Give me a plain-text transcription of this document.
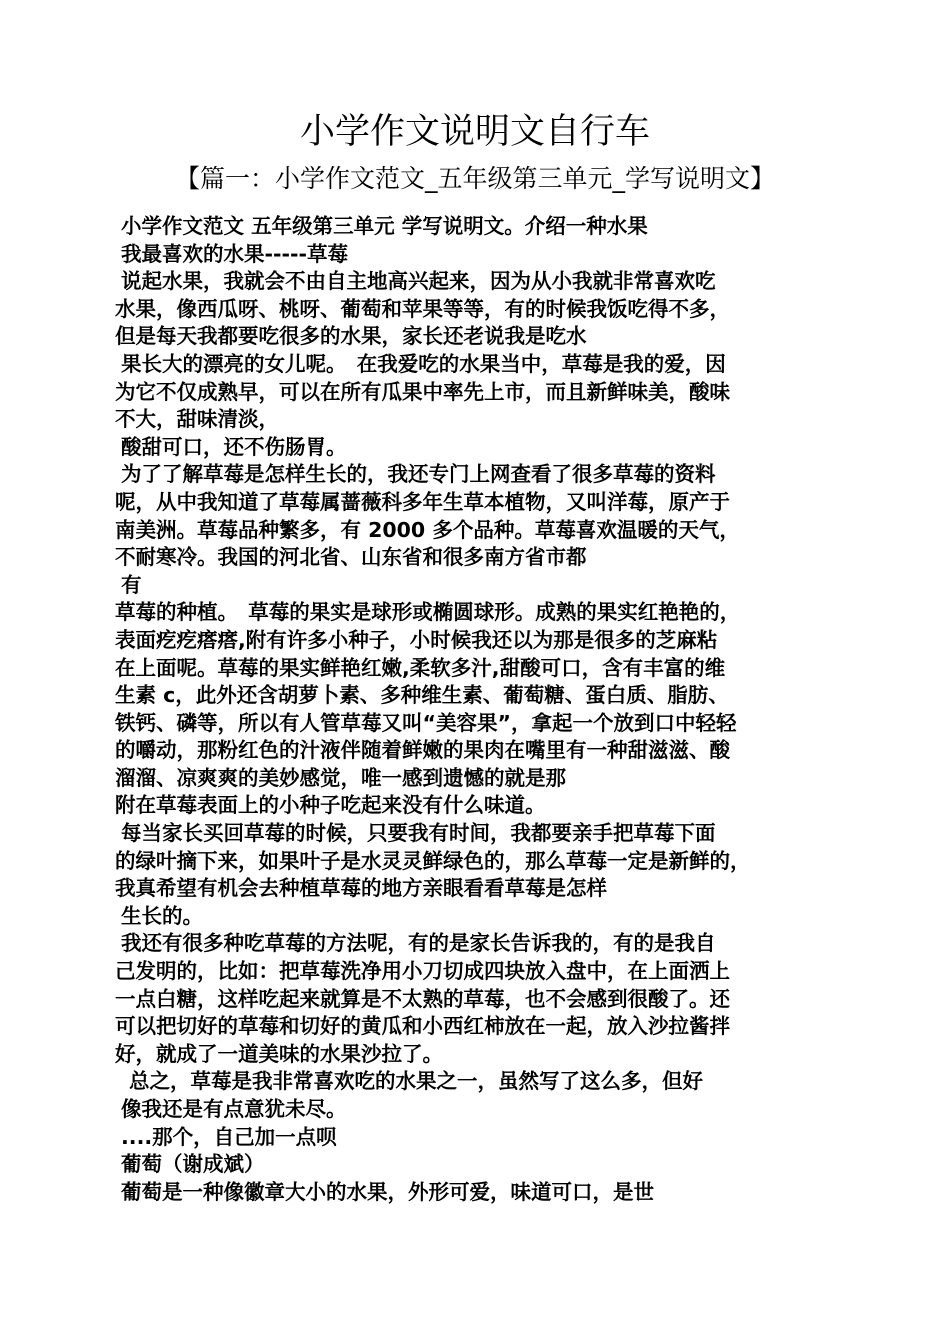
小学作文说明文自行车
【篇一：小学作文范文_五年级第三单元_学写说明文】
小学作文范文 五年级第三单元 学写说明文。介绍一种水果
我最喜欢的水果-----草莓
说起水果，我就会不由自主地高兴起来，因为从小我就非常喜欢吃
水果，像西瓜呀、桃呀、葡萄和苹果等等，有的时候我饭吃得不多，
但是每天我都要吃很多的水果，家长还老说我是吃水
果长大的漂亮的女儿呢。　在我爱吃的水果当中，草莓是我的爱，因
为它不仅成熟早，可以在所有瓜果中率先上市，而且新鲜味美，酸味
不大，甜味清淡，
酸甜可口，还不伤肠胃。
为了了解草莓是怎样生长的，我还专门上网查看了很多草莓的资料
呢，从中我知道了草莓属蔷薇科多年生草本植物，又叫洋莓，原产于
南美洲。草莓品种繁多，有 2000 多个品种。草莓喜欢温暖的天气，
不耐寒冷。我国的河北省、山东省和很多南方省市都
有
草莓的种植。　草莓的果实是球形或椭圆球形。成熟的果实红艳艳的，
表面疙疙瘩瘩,附有许多小种子，小时候我还以为那是很多的芝麻粘
在上面呢。草莓的果实鲜艳红嫩,柔软多汁,甜酸可口，含有丰富的维
生素 c，此外还含胡萝卜素、多种维生素、葡萄糖、蛋白质、脂肪、
铁钙、磷等，所以有人管草莓又叫“美容果”，拿起一个放到口中轻轻
的嚼动，那粉红色的汁液伴随着鲜嫩的果肉在嘴里有一种甜滋滋、酸
溜溜、凉爽爽的美妙感觉，唯一感到遗憾的就是那
附在草莓表面上的小种子吃起来没有什么味道。
每当家长买回草莓的时候，只要我有时间，我都要亲手把草莓下面
的绿叶摘下来，如果叶子是水灵灵鲜绿色的，那么草莓一定是新鲜的，
我真希望有机会去种植草莓的地方亲眼看看草莓是怎样
生长的。
我还有很多种吃草莓的方法呢，有的是家长告诉我的，有的是我自
己发明的，比如：把草莓洗净用小刀切成四块放入盘中，在上面洒上
一点白糖，这样吃起来就算是不太熟的草莓，也不会感到很酸了。还
可以把切好的草莓和切好的黄瓜和小西红柿放在一起，放入沙拉酱拌
好，就成了一道美味的水果沙拉了。
总之，草莓是我非常喜欢吃的水果之一，虽然写了这么多，但好
像我还是有点意犹未尽。
....那个，自己加一点呗
葡萄（谢成斌）
葡萄是一种像徽章大小的水果，外形可爱，味道可口，是世
